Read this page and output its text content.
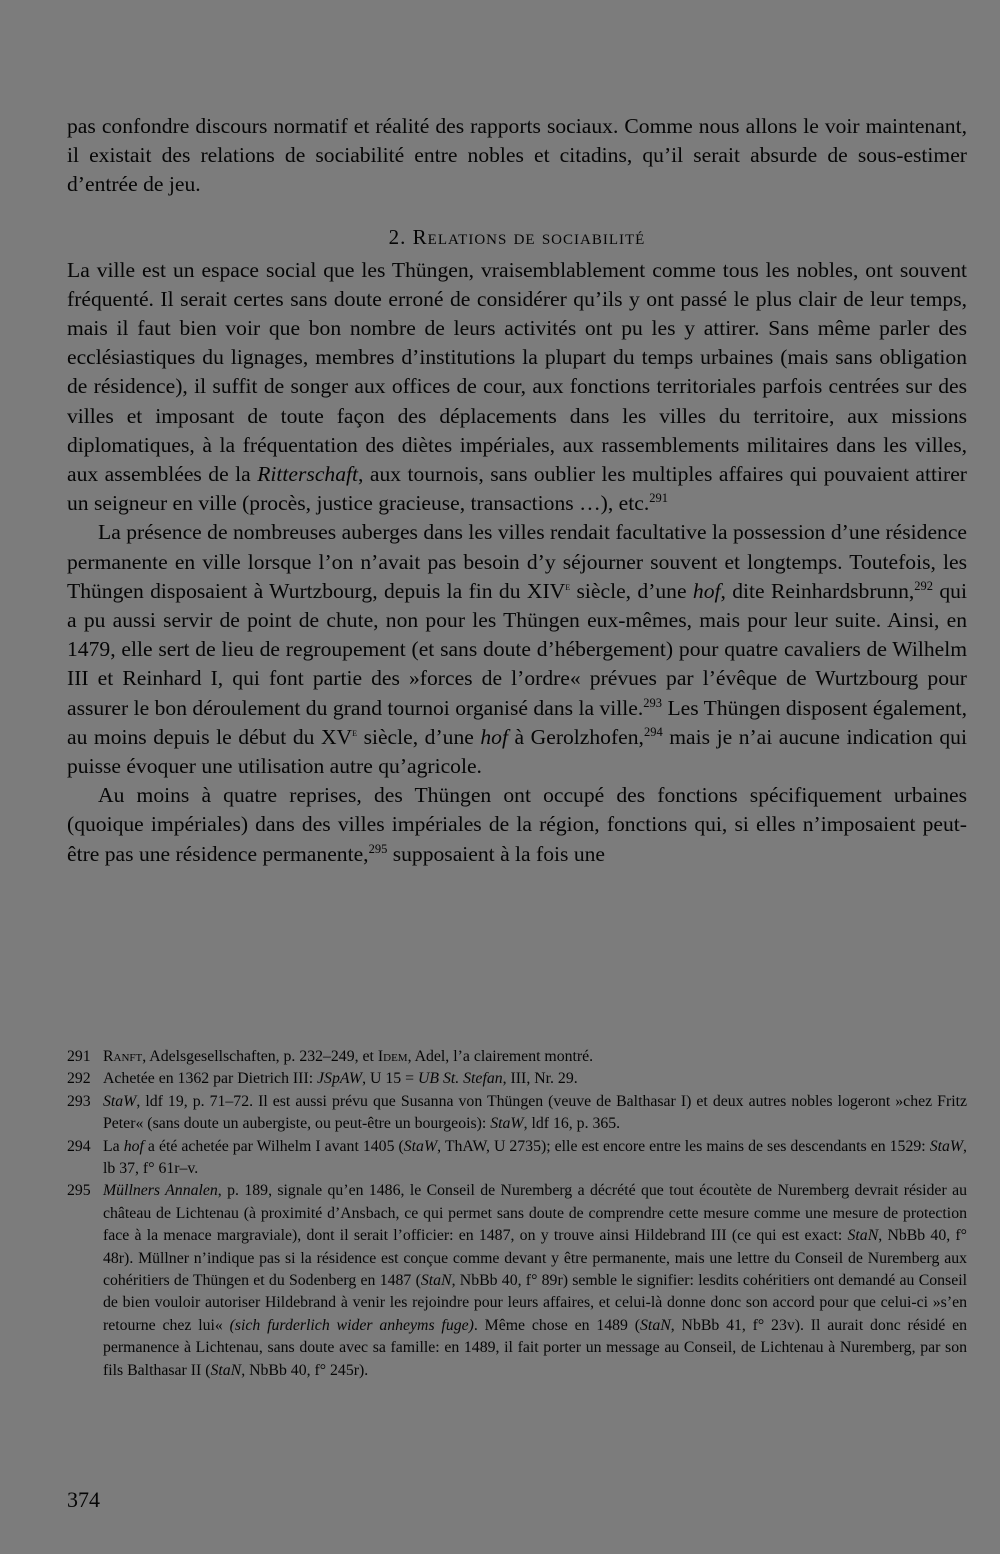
pas confondre discours normatif et réalité des rapports sociaux. Comme nous allons le voir maintenant, il existait des relations de sociabilité entre nobles et citadins, qu’il serait absurde de sous-estimer d’entrée de jeu.

2. Relations de sociabilité

La ville est un espace social que les Thüngen, vraisemblablement comme tous les nobles, ont souvent fréquenté. Il serait certes sans doute erroné de considérer qu’ils y ont passé le plus clair de leur temps, mais il faut bien voir que bon nombre de leurs activités ont pu les y attirer. Sans même parler des ecclésiastiques du lignages, membres d’institutions la plupart du temps urbaines (mais sans obligation de résidence), il suffit de songer aux offices de cour, aux fonctions territoriales parfois centrées sur des villes et imposant de toute façon des déplacements dans les villes du territoire, aux missions diplomatiques, à la fréquentation des diètes impériales, aux rassemblements militaires dans les villes, aux assemblées de la Ritterschaft, aux tournois, sans oublier les multiples affaires qui pouvaient attirer un seigneur en ville (procès, justice gracieuse, transactions …), etc.$^{291}$

La présence de nombreuses auberges dans les villes rendait facultative la possession d’une résidence permanente en ville lorsque l’on n’avait pas besoin d’y séjourner souvent et longtemps. Toutefois, les Thüngen disposaient à Wurtzbourg, depuis la fin du XIVe siècle, d’une hof, dite Reinhardsbrunn,$^{292}$ qui a pu aussi servir de point de chute, non pour les Thüngen eux-mêmes, mais pour leur suite. Ainsi, en 1479, elle sert de lieu de regroupement (et sans doute d’hébergement) pour quatre cavaliers de Wilhelm III et Reinhard I, qui font partie des »forces de l’ordre« prévues par l’évêque de Wurtzbourg pour assurer le bon déroulement du grand tournoi organisé dans la ville.$^{293}$ Les Thüngen disposent également, au moins depuis le début du XVe siècle, d’une hof à Gerolzhofen,$^{294}$ mais je n’ai aucune indication qui puisse évoquer une utilisation autre qu’agricole.

Au moins à quatre reprises, des Thüngen ont occupé des fonctions spécifiquement urbaines (quoique impériales) dans des villes impériales de la région, fonctions qui, si elles n’imposaient peut-être pas une résidence permanente,$^{295}$ supposaient à la fois une

291 Ranft, Adelsgesellschaften, p. 232–249, et Idem, Adel, l’a clairement montré.
292 Achetée en 1362 par Dietrich III: JSpAW, U 15 = UB St. Stefan, III, Nr. 29.
293 StaW, ldf 19, p. 71–72. Il est aussi prévu que Susanna von Thüngen (veuve de Balthasar I) et deux autres nobles logeront »chez Fritz Peter« (sans doute un aubergiste, ou peut-être un bourgeois): StaW, ldf 16, p. 365.
294 La hof a été achetée par Wilhelm I avant 1405 (StaW, ThAW, U 2735); elle est encore entre les mains de ses descendants en 1529: StaW, lb 37, f° 61r–v.
295 Müllners Annalen, p. 189, signale qu’en 1486, le Conseil de Nuremberg a décrété que tout écoutète de Nuremberg devrait résider au château de Lichtenau (à proximité d’Ansbach, ce qui permet sans doute de comprendre cette mesure comme une mesure de protection face à la menace margraviale), dont il serait l’officier: en 1487, on y trouve ainsi Hildebrand III (ce qui est exact: StaN, NbBb 40, f° 48r). Müllner n’indique pas si la résidence est conçue comme devant y être permanente, mais une lettre du Conseil de Nuremberg aux cohéritiers de Thüngen et du Sodenberg en 1487 (StaN, NbBb 40, f° 89r) semble le signifier: lesdits cohéritiers ont demandé au Conseil de bien vouloir autoriser Hildebrand à venir les rejoindre pour leurs affaires, et celui-là donne donc son accord pour que celui-ci »s’en retourne chez lui« (sich furderlich wider anheyms fuge). Même chose en 1489 (StaN, NbBb 41, f° 23v). Il aurait donc résidé en permanence à Lichtenau, sans doute avec sa famille: en 1489, il fait porter un message au Conseil, de Lichtenau à Nuremberg, par son fils Balthasar II (StaN, NbBb 40, f° 245r).
374
